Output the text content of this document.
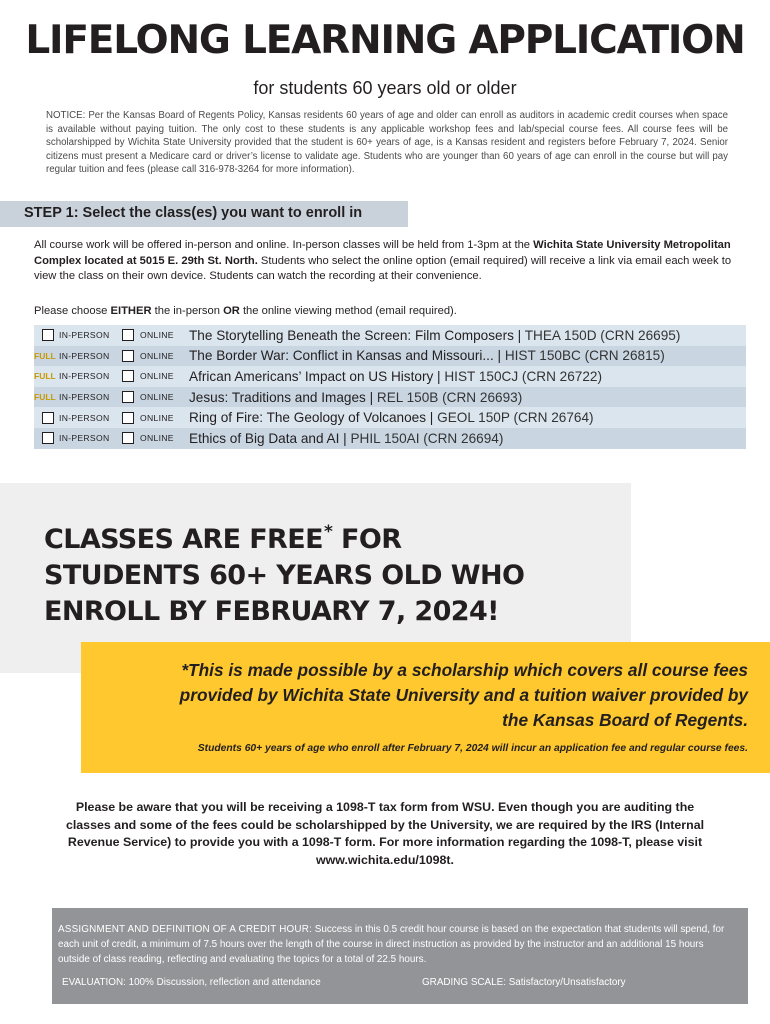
LIFELONG LEARNING APPLICATION
for students 60 years old or older
NOTICE: Per the Kansas Board of Regents Policy, Kansas residents 60 years of age and older can enroll as auditors in academic credit courses when space is available without paying tuition. The only cost to these students is any applicable workshop fees and lab/special course fees. All course fees will be scholarshipped by Wichita State University provided that the student is 60+ years of age, is a Kansas resident and registers before February 7, 2024. Senior citizens must present a Medicare card or driver’s license to validate age. Students who are younger than 60 years of age can enroll in the course but will pay regular tuition and fees (please call 316-978-3264 for more information).
STEP 1: Select the class(es) you want to enroll in
All course work will be offered in-person and online. In-person classes will be held from 1-3pm at the Wichita State University Metropolitan Complex located at 5015 E. 29th St. North. Students who select the online option (email required) will receive a link via email each week to view the class on their own device. Students can watch the recording at their convenience.
Please choose EITHER the in-person OR the online viewing method (email required).
IN-PERSON	ONLINE The Storytelling Beneath the Screen: Film Composers | THEA 150D (CRN 26695)
FULL IN-PERSON	ONLINE The Border War: Conflict in Kansas and Missouri... | HIST 150BC (CRN 26815)
FULL IN-PERSON	ONLINE African Americans’ Impact on US History | HIST 150CJ (CRN 26722)
FULL IN-PERSON	ONLINE Jesus: Traditions and Images | REL 150B (CRN 26693)
IN-PERSON	ONLINE Ring of Fire: The Geology of Volcanoes | GEOL 150P (CRN 26764)
IN-PERSON	ONLINE Ethics of Big Data and AI | PHIL 150AI (CRN 26694)
CLASSES ARE FREE* FOR
STUDENTS 60+ YEARS OLD WHO
ENROLL BY FEBRUARY 7, 2024!
*This is made possible by a scholarship which covers all course fees provided by Wichita State University and a tuition waiver provided by the Kansas Board of Regents.
Students 60+ years of age who enroll after February 7, 2024 will incur an application fee and regular course fees.
Please be aware that you will be receiving a 1098-T tax form from WSU. Even though you are auditing the classes and some of the fees could be scholarshipped by the University, we are required by the IRS (Internal Revenue Service) to provide you with a 1098-T form. For more information regarding the 1098-T, please visit www.wichita.edu/1098t.
ASSIGNMENT AND DEFINITION OF A CREDIT HOUR: Success in this 0.5 credit hour course is based on the expectation that students will spend, for each unit of credit, a minimum of 7.5 hours over the length of the course in direct instruction as provided by the instructor and an additional 15 hours outside of class reading, reflecting and evaluating the topics for a total of 22.5 hours.
EVALUATION: 100% Discussion, reflection and attendance	GRADING SCALE: Satisfactory/Unsatisfactory
